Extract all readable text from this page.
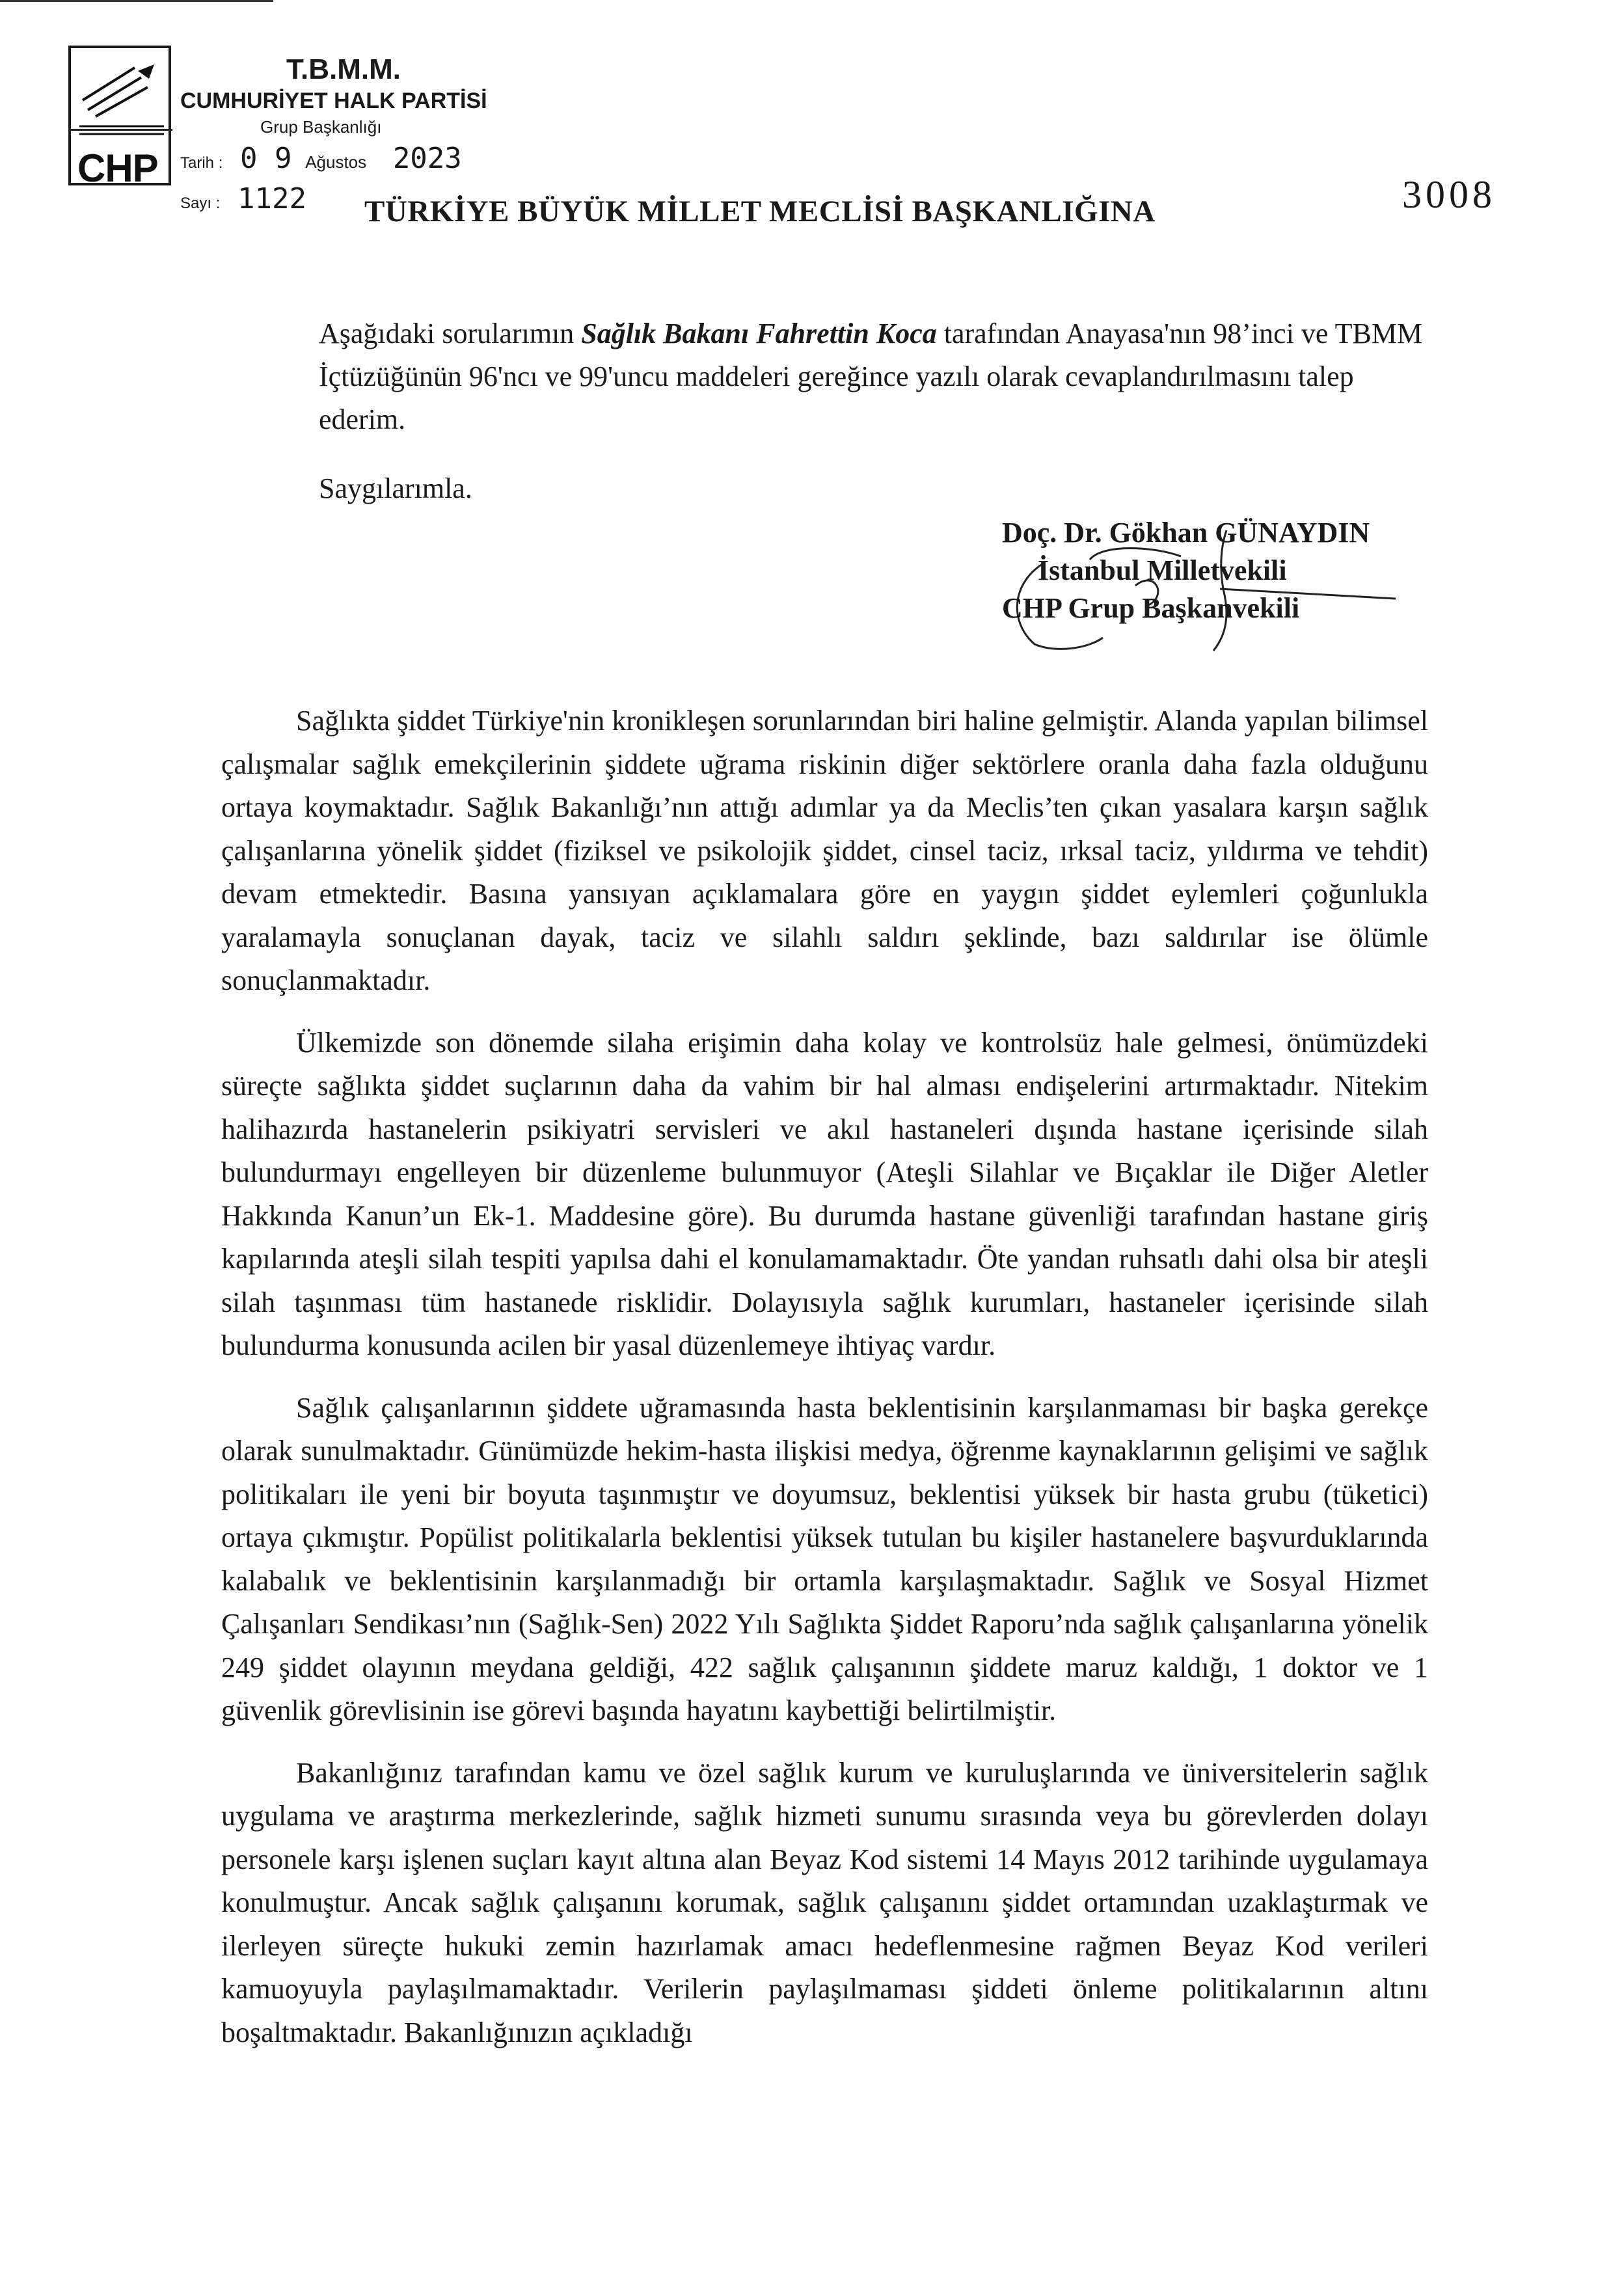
CHP
T.B.M.M.
CUMHURİYET HALK PARTİSİ
Grup Başkanlığı
Tarih : 0 9 Ağustos 2023
Sayı : 1122	3008
TÜRKİYE BÜYÜK MİLLET MECLİSİ BAŞKANLIĞINA

Aşağıdaki sorularımın Sağlık Bakanı Fahrettin Koca tarafından Anayasa'nın 98’inci ve TBMM İçtüzüğünün 96'ncı ve 99'uncu maddeleri gereğince yazılı olarak cevaplandırılmasını talep ederim.

Saygılarımla.
Doç. Dr. Gökhan GÜNAYDIN
İstanbul Milletvekili
CHP Grup Başkanvekili

Sağlıkta şiddet Türkiye'nin kronikleşen sorunlarından biri haline gelmiştir. Alanda yapılan bilimsel çalışmalar sağlık emekçilerinin şiddete uğrama riskinin diğer sektörlere oranla daha fazla olduğunu ortaya koymaktadır. Sağlık Bakanlığı’nın attığı adımlar ya da Meclis’ten çıkan yasalara karşın sağlık çalışanlarına yönelik şiddet (fiziksel ve psikolojik şiddet, cinsel taciz, ırksal taciz, yıldırma ve tehdit) devam etmektedir. Basına yansıyan açıklamalara göre en yaygın şiddet eylemleri çoğunlukla yaralamayla sonuçlanan dayak, taciz ve silahlı saldırı şeklinde, bazı saldırılar ise ölümle sonuçlanmaktadır.

Ülkemizde son dönemde silaha erişimin daha kolay ve kontrolsüz hale gelmesi, önümüzdeki süreçte sağlıkta şiddet suçlarının daha da vahim bir hal alması endişelerini artırmaktadır. Nitekim halihazırda hastanelerin psikiyatri servisleri ve akıl hastaneleri dışında hastane içerisinde silah bulundurmayı engelleyen bir düzenleme bulunmuyor (Ateşli Silahlar ve Bıçaklar ile Diğer Aletler Hakkında Kanun’un Ek-1. Maddesine göre). Bu durumda hastane güvenliği tarafından hastane giriş kapılarında ateşli silah tespiti yapılsa dahi el konulamamaktadır. Öte yandan ruhsatlı dahi olsa bir ateşli silah taşınması tüm hastanede risklidir. Dolayısıyla sağlık kurumları, hastaneler içerisinde silah bulundurma konusunda acilen bir yasal düzenlemeye ihtiyaç vardır.

Sağlık çalışanlarının şiddete uğramasında hasta beklentisinin karşılanmaması bir başka gerekçe olarak sunulmaktadır. Günümüzde hekim-hasta ilişkisi medya, öğrenme kaynaklarının gelişimi ve sağlık politikaları ile yeni bir boyuta taşınmıştır ve doyumsuz, beklentisi yüksek bir hasta grubu (tüketici) ortaya çıkmıştır. Popülist politikalarla beklentisi yüksek tutulan bu kişiler hastanelere başvurduklarında kalabalık ve beklentisinin karşılanmadığı bir ortamla karşılaşmaktadır. Sağlık ve Sosyal Hizmet Çalışanları Sendikası’nın (Sağlık-Sen) 2022 Yılı Sağlıkta Şiddet Raporu’nda sağlık çalışanlarına yönelik 249 şiddet olayının meydana geldiği, 422 sağlık çalışanının şiddete maruz kaldığı, 1 doktor ve 1 güvenlik görevlisinin ise görevi başında hayatını kaybettiği belirtilmiştir.

Bakanlığınız tarafından kamu ve özel sağlık kurum ve kuruluşlarında ve üniversitelerin sağlık uygulama ve araştırma merkezlerinde, sağlık hizmeti sunumu sırasında veya bu görevlerden dolayı personele karşı işlenen suçları kayıt altına alan Beyaz Kod sistemi 14 Mayıs 2012 tarihinde uygulamaya konulmuştur. Ancak sağlık çalışanını korumak, sağlık çalışanını şiddet ortamından uzaklaştırmak ve ilerleyen süreçte hukuki zemin hazırlamak amacı hedeflenmesine rağmen Beyaz Kod verileri kamuoyuyla paylaşılmamaktadır. Verilerin paylaşılmaması şiddeti önleme politikalarının altını boşaltmaktadır. Bakanlığınızın açıkladığı
